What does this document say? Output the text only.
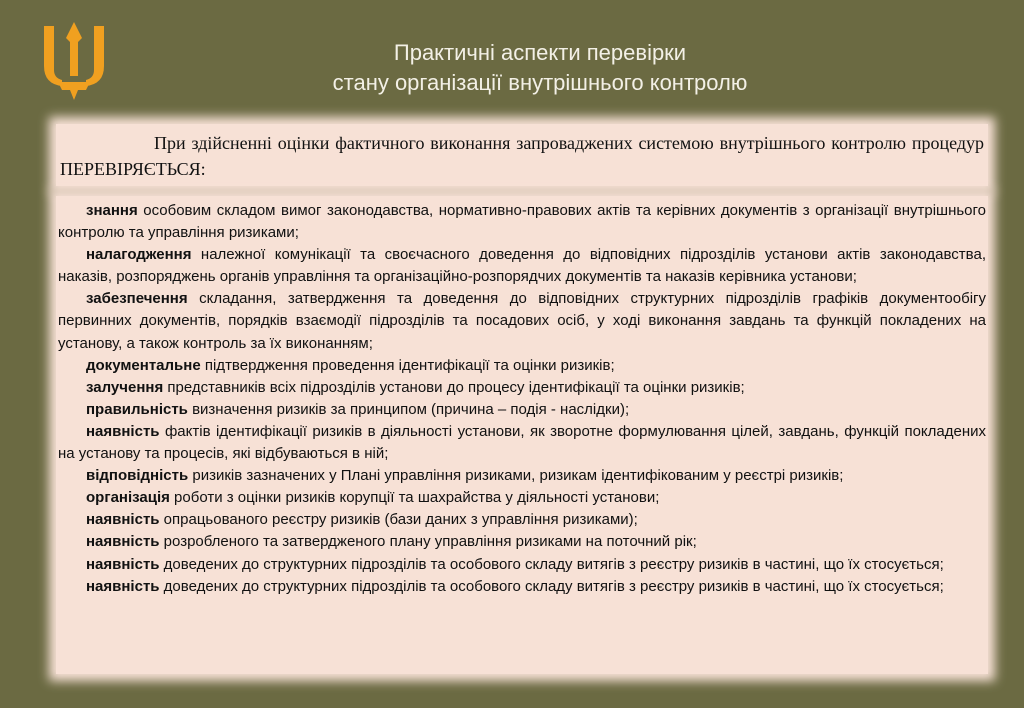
Практичні аспекти перевірки
стану організації внутрішнього контролю
При здійсненні оцінки фактичного виконання запроваджених системою внутрішнього контролю процедур ПЕРЕВІРЯЄТЬСЯ:

знання особовим складом вимог законодавства, нормативно-правових актів та керівних документів з організації внутрішнього контролю та управління ризиками;

налагодження належної комунікації та своєчасного доведення до відповідних підрозділів установи актів законодавства, наказів, розпоряджень органів управління та організаційно-розпорядчих документів та наказів керівника установи;

забезпечення складання, затвердження та доведення до відповідних структурних підрозділів графіків документообігу первинних документів, порядків взаємодії підрозділів та посадових осіб, у ході виконання завдань та функцій покладених на установу, а також контроль за їх виконанням;

документальне підтвердження проведення ідентифікації та оцінки ризиків;

залучення представників всіх підрозділів установи до процесу ідентифікації та оцінки ризиків;

правильність визначення ризиків за принципом (причина – подія - наслідки);

наявність фактів ідентифікації ризиків в діяльності установи, як зворотне формулювання цілей, завдань, функцій покладених на установу та процесів, які відбуваються в ній;

відповідність ризиків зазначених у Плані управління ризиками, ризикам ідентифікованим у реєстрі ризиків;

організація роботи з оцінки ризиків корупції та шахрайства у діяльності установи;

наявність опрацьованого реєстру ризиків (бази даних з управління ризиками);

наявність розробленого та затвердженого плану управління ризиками на поточний рік;

наявність доведених до структурних підрозділів та особового складу витягів з реєстру ризиків в частині, що їх стосується;

наявність доведених до структурних підрозділів та особового складу витягів з реєстру ризиків в частині, що їх стосується;
